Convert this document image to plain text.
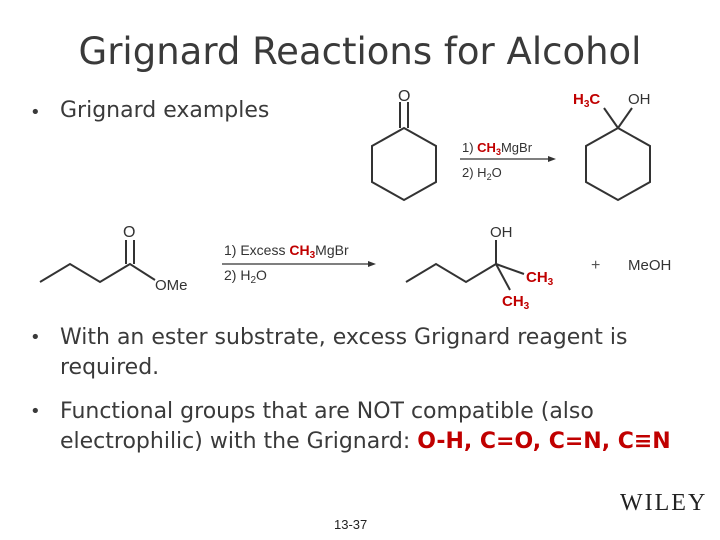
Grignard Reactions for Alcohol
• Grignard examples
• With an ester substrate, excess Grignard reagent is required.
• Functional groups that are NOT compatible (also electrophilic) with the Grignard: O-H, C=O, C=N, C≡N
O
1) $CH_3MgBr$
2) $H_2O$
$H_3C$ OH
O
OMe
1) Excess $CH_3MgBr$
2) $H_2O$
OH
$CH_3$
$CH_3$
+ MeOH
WILEY
13-37
